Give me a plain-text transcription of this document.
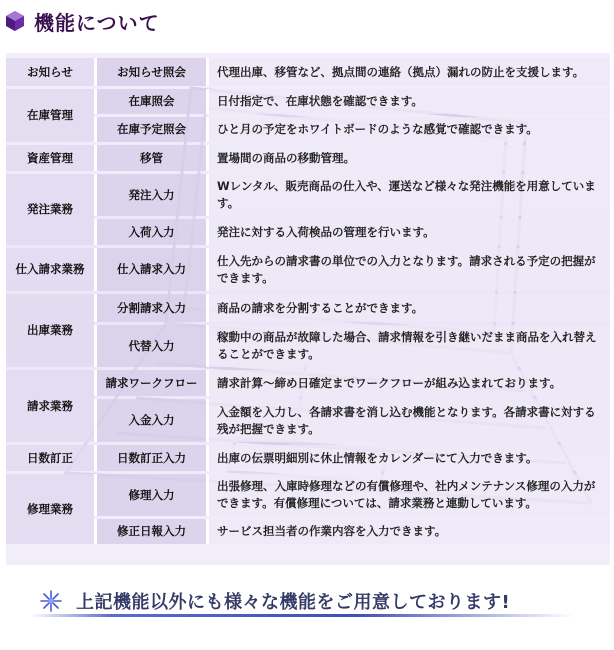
機能について
お知らせ	お知らせ照会	代理出庫、移管など、拠点間の連絡（拠点）漏れの防止を支援します。
在庫管理	在庫照会	日付指定で、在庫状態を確認できます。
	在庫予定照会	ひと月の予定をホワイトボードのような感覚で確認できます。
資産管理	移管	置場間の商品の移動管理。
発注業務	発注入力	Wレンタル、販売商品の仕入や、運送など様々な発注機能を用意しています。
	入荷入力	発注に対する入荷検品の管理を行います。
仕入請求業務	仕入請求入力	仕入先からの請求書の単位での入力となります。請求される予定の把握ができます。
出庫業務	分割請求入力	商品の請求を分割することができます。
	代替入力	稼動中の商品が故障した場合、請求情報を引き継いだまま商品を入れ替えることができます。
請求業務	請求ワークフロー	請求計算～締め日確定までワークフローが組み込まれております。
	入金入力	入金額を入力し、各請求書を消し込む機能となります。各請求書に対する残が把握できます。
日数訂正	日数訂正入力	出庫の伝票明細別に休止情報をカレンダーにて入力できます。
修理業務	修理入力	出張修理、入庫時修理などの有償修理や、社内メンテナンス修理の入力ができます。有償修理については、請求業務と連動しています。
	修正日報入力	サービス担当者の作業内容を入力できます。
上記機能以外にも様々な機能をご用意しております!
